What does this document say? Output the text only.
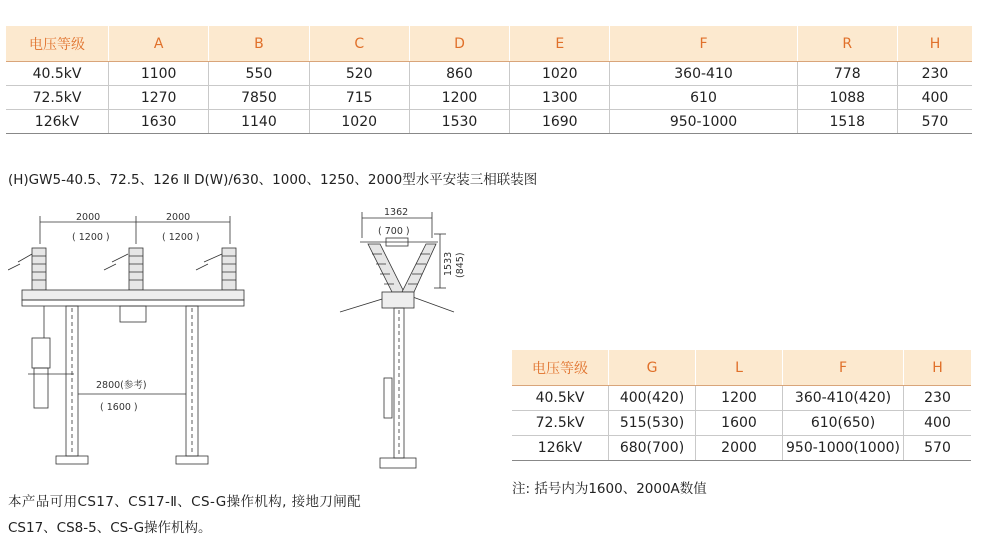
电压等级	A	B	C	D	E	F	R	H
40.5kV	1100	550	520	860	1020	360-410	778	230
72.5kV	1270	7850	715	1200	1300	610	1088	400
126kV	1630	1140	1020	1530	1690	950-1000	1518	570
(H)GW5-40.5、72.5、126 Ⅱ D(W)/630、1000、1250、2000型水平安装三相联装图
2000
( 1200 )
2000
( 1200 )
2800(参考)
( 1600 )
1362
( 700 )
1533 (845)
电压等级	G	L	F	H
40.5kV	400(420)	1200	360-410(420)	230
72.5kV	515(530)	1600	610(650)	400
126kV	680(700)	2000	950-1000(1000)	570
注: 括号内为1600、2000A数值
本产品可用CS17、CS17-Ⅱ、CS-G操作机构, 接地刀闸配
CS17、CS8-5、CS-G操作机构。
